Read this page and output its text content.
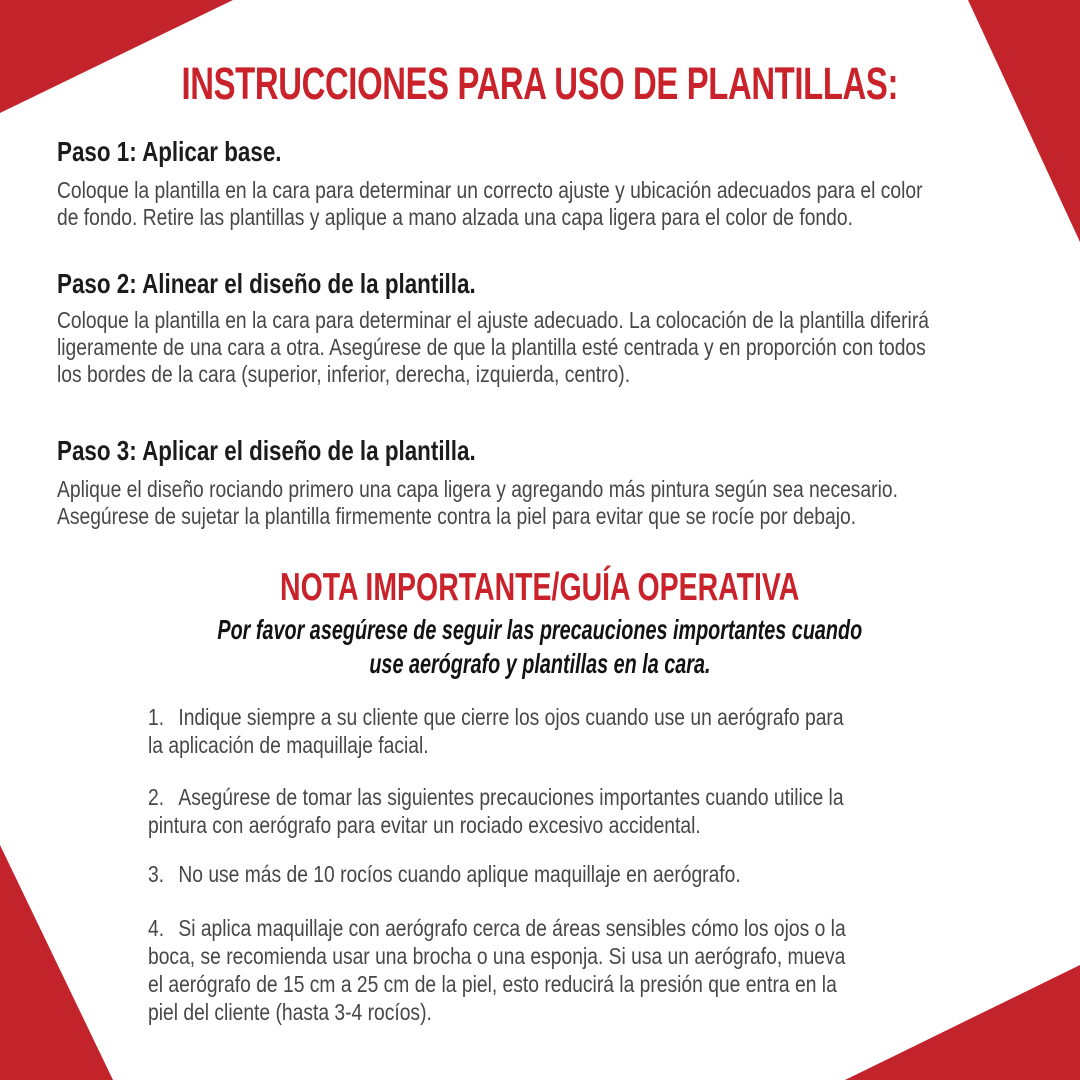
INSTRUCCIONES PARA USO DE PLANTILLAS:
Paso 1: Aplicar base.
Coloque la plantilla en la cara para determinar un correcto ajuste y ubicación adecuados para el color
de fondo. Retire las plantillas y aplique a mano alzada una capa ligera para el color de fondo.
Paso 2: Alinear el diseño de la plantilla.
Coloque la plantilla en la cara para determinar el ajuste adecuado. La colocación de la plantilla diferirá
ligeramente de una cara a otra. Asegúrese de que la plantilla esté centrada y en proporción con todos
los bordes de la cara (superior, inferior, derecha, izquierda, centro).
Paso 3: Aplicar el diseño de la plantilla.
Aplique el diseño rociando primero una capa ligera y agregando más pintura según sea necesario.
Asegúrese de sujetar la plantilla firmemente contra la piel para evitar que se rocíe por debajo.
NOTA IMPORTANTE/GUÍA OPERATIVA
Por favor asegúrese de seguir las precauciones importantes cuando
use aerógrafo y plantillas en la cara.
1. Indique siempre a su cliente que cierre los ojos cuando use un aerógrafo para
la aplicación de maquillaje facial.
2. Asegúrese de tomar las siguientes precauciones importantes cuando utilice la
pintura con aerógrafo para evitar un rociado excesivo accidental.
3. No use más de 10 rocíos cuando aplique maquillaje en aerógrafo.
4. Si aplica maquillaje con aerógrafo cerca de áreas sensibles cómo los ojos o la
boca, se recomienda usar una brocha o una esponja. Si usa un aerógrafo, mueva
el aerógrafo de 15 cm a 25 cm de la piel, esto reducirá la presión que entra en la
piel del cliente (hasta 3-4 rocíos).
